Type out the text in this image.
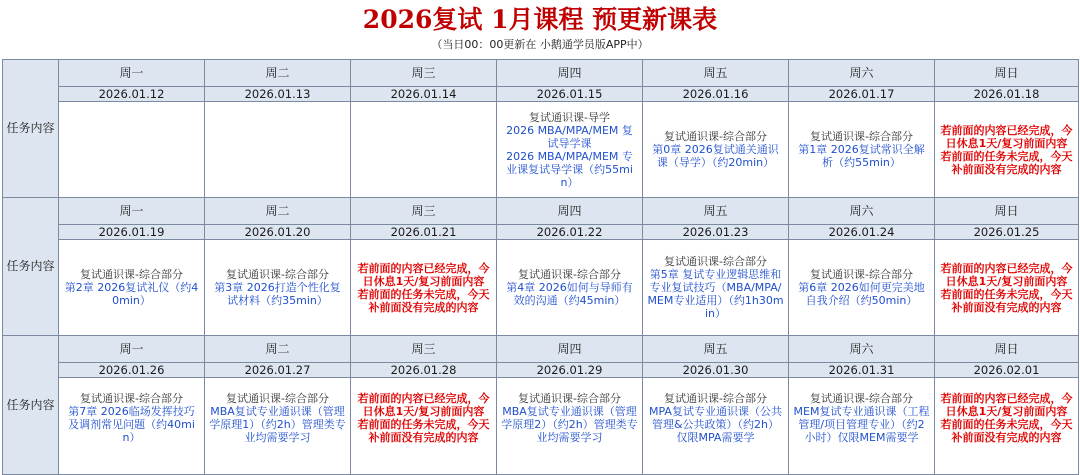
2026复试 1月课程 预更新课表
（当日00：00更新在 小鹅通学员版APP中）
任务内容	周一	周二	周三	周四	周五	周六	周日
	2026.01.12	2026.01.13	2026.01.14	2026.01.15	2026.01.16	2026.01.17	2026.01.18

				复试通识课-导学
2026 MBA/MPA/MEM 复试导学课
2026 MBA/MPA/MEM 专业课复试导学课（约55min）	复试通识课-综合部分
第0章 2026复试通关通识课（导学）（约20min）	复试通识课-综合部分
第1章 2026复试常识全解析（约55min）	若前面的内容已经完成，今日休息1天/复习前面内容
若前面的任务未完成，今天补前面没有完成的内容

任务内容	周一	周二	周三	周四	周五	周六	周日
	2026.01.19	2026.01.20	2026.01.21	2026.01.22	2026.01.23	2026.01.24	2026.01.25

	复试通识课-综合部分
第2章 2026复试礼仪（约40min）	复试通识课-综合部分
第3章 2026打造个性化复试材料（约35min）	若前面的内容已经完成，今日休息1天/复习前面内容
若前面的任务未完成，今天补前面没有完成的内容	复试通识课-综合部分
第4章 2026如何与导师有效的沟通（约45min）	复试通识课-综合部分
第5章 复试专业逻辑思维和专业复试技巧（MBA/MPA/MEM专业适用）（约1h30min）	复试通识课-综合部分
第6章 2026如何更完美地自我介绍（约50min）	若前面的内容已经完成，今日休息1天/复习前面内容
若前面的任务未完成，今天补前面没有完成的内容

任务内容	周一	周二	周三	周四	周五	周六	周日
	2026.01.26	2026.01.27	2026.01.28	2026.01.29	2026.01.30	2026.01.31	2026.02.01

	复试通识课-综合部分
第7章 2026临场发挥技巧及调剂常见问题（约40min）	复试通识课-综合部分
MBA复试专业通识课（管理学原理1）（约2h）管理类专业均需要学习	若前面的内容已经完成，今日休息1天/复习前面内容
若前面的任务未完成，今天补前面没有完成的内容	复试通识课-综合部分
MBA复试专业通识课（管理学原理2）（约2h）管理类专业均需要学习	复试通识课-综合部分
MPA复试专业通识课（公共管理&公共政策）（约2h）仅限MPA需要学	复试通识课-综合部分
MEM复试专业通识课（工程管理/项目管理专业）（约2小时）仅限MEM需要学	若前面的内容已经完成，今日休息1天/复习前面内容
若前面的任务未完成，今天补前面没有完成的内容
